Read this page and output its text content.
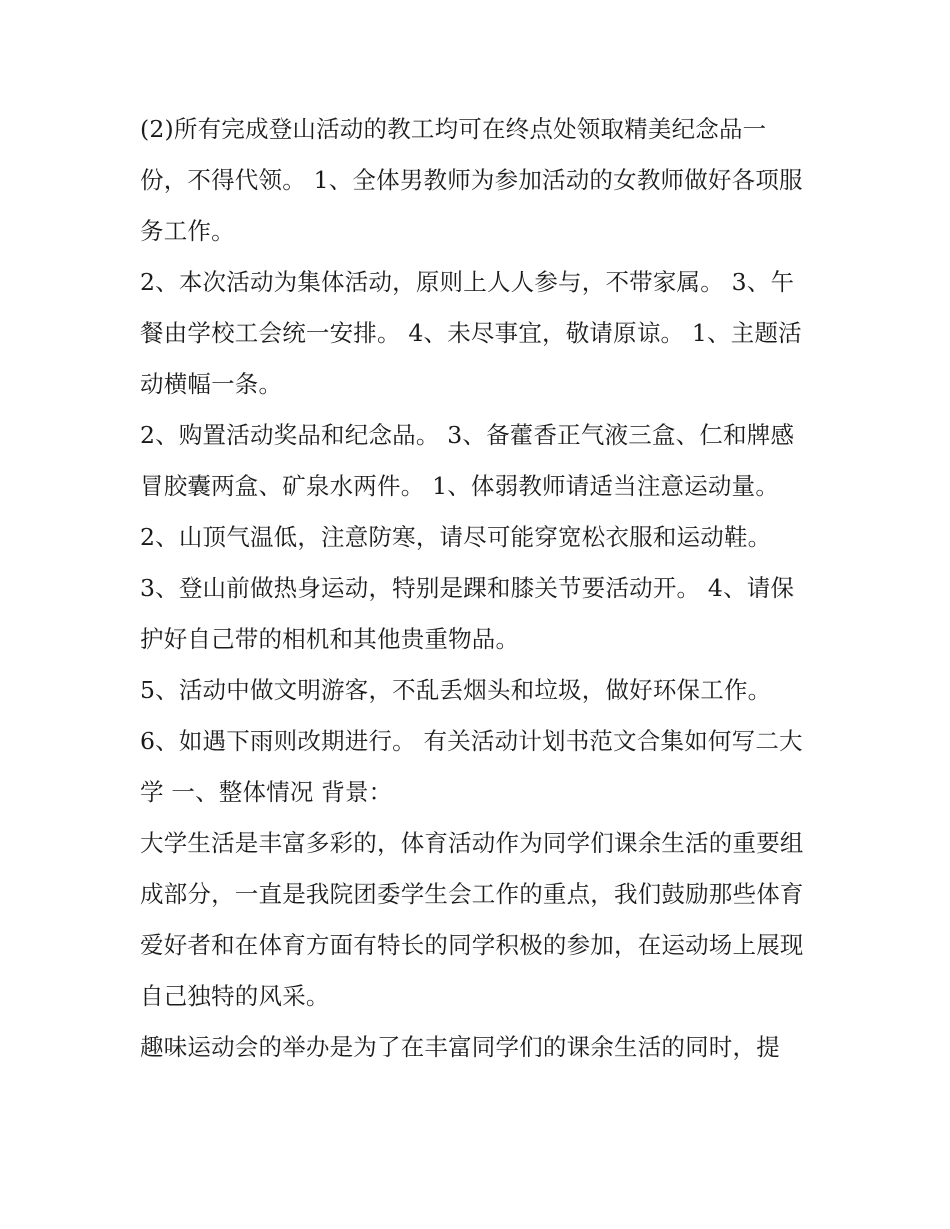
(2)所有完成登山活动的教工均可在终点处领取精美纪念品一份，不得代领。 1、全体男教师为参加活动的女教师做好各项服务工作。

2、本次活动为集体活动，原则上人人参与，不带家属。 3、午餐由学校工会统一安排。 4、未尽事宜，敬请原谅。 1、主题活动横幅一条。

2、购置活动奖品和纪念品。 3、备藿香正气液三盒、仁和牌感冒胶囊两盒、矿泉水两件。 1、体弱教师请适当注意运动量。

2、山顶气温低，注意防寒，请尽可能穿宽松衣服和运动鞋。

3、登山前做热身运动，特别是踝和膝关节要活动开。 4、请保护好自己带的相机和其他贵重物品。

5、活动中做文明游客，不乱丢烟头和垃圾，做好环保工作。

6、如遇下雨则改期进行。 有关活动计划书范文合集如何写二大学 一、整体情况 背景：

大学生活是丰富多彩的，体育活动作为同学们课余生活的重要组成部分，一直是我院团委学生会工作的重点，我们鼓励那些体育爱好者和在体育方面有特长的同学积极的参加，在运动场上展现自己独特的风采。

趣味运动会的举办是为了在丰富同学们的课余生活的同时，提
